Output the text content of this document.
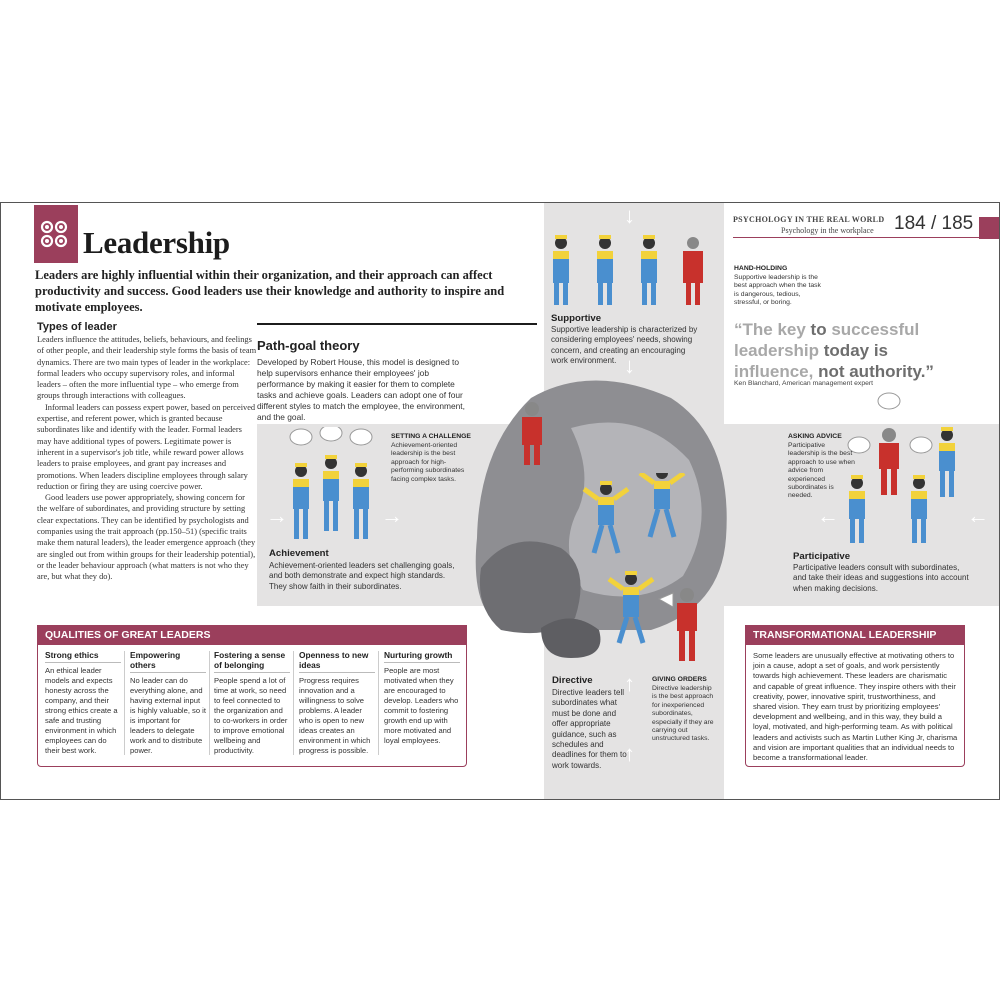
Leadership
Leaders are highly influential within their organization, and their approach can affect productivity and success. Good leaders use their knowledge and authority to inspire and motivate employees.
Types of leader

Leaders influence the attitudes, beliefs, behaviours, and feelings of other people, and their leadership style forms the basis of team dynamics. There are two main types of leader in the workplace: formal leaders who occupy supervisory roles, and informal leaders – often the more influential type – who emerge from groups through interactions with colleagues.

Informal leaders can possess expert power, based on perceived expertise, and referent power, which is granted because subordinates like and identify with the leader. Formal leaders may have additional types of powers. Legitimate power is inherent in a supervisor's job title, while reward power allows leaders to praise employees, and grant pay increases and promotions. When leaders discipline employees through salary reduction or firing they are using coercive power.

Good leaders use power appropriately, showing concern for the welfare of subordinates, and providing structure by setting clear expectations. They can be identified by psychologists and companies using the trait approach (pp.150–51) (specific traits make them natural leaders), the leader emergence approach (they are singled out from within groups for their leadership potential), or the leader behaviour approach (what matters is not who they are, but what they do).

Path-goal theory
Developed by Robert House, this model is designed to help supervisors enhance their employees' job performance by making it easier for them to complete tasks and achieve goals. Leaders can adopt one of four different styles to match the employee, the environment, and the goal.
PSYCHOLOGY IN THE REAL WORLD
Psychology in the workplace 184 / 185
“The key to successful leadership today is influence, not authority.”
Ken Blanchard, American management expert
↓
↓
↑
↑
→	→	←	←
HAND-HOLDING
Supportive leadership is the best approach when the task is dangerous, tedious, stressful, or boring.
Supportive
Supportive leadership is characterized by considering employees' needs, showing concern, and creating an encouraging work environment.
SETTING A CHALLENGE
Achievement-oriented leadership is the best approach for high-performing subordinates facing complex tasks.
Achievement
Achievement-oriented leaders set challenging goals, and both demonstrate and expect high standards. They show faith in their subordinates.
ASKING ADVICE
Participative leadership is the best approach to use when advice from experienced subordinates is needed.
Participative
Participative leaders consult with subordinates, and take their ideas and suggestions into account when making decisions.
Directive
Directive leaders tell subordinates what must be done and offer appropriate guidance, such as schedules and deadlines for them to work towards.
GIVING ORDERS
Directive leadership is the best approach for inexperienced subordinates, especially if they are carrying out unstructured tasks.
QUALITIES OF GREAT LEADERS
Strong ethics
An ethical leader models and expects honesty across the company, and their strong ethics create a safe and trusting environment in which employees can do their best work.
Empowering others
No leader can do everything alone, and having external input is highly valuable, so it is important for leaders to delegate work and to distribute power.
Fostering a sense of belonging
People spend a lot of time at work, so need to feel connected to the organization and to co-workers in order to improve emotional wellbeing and productivity.
Openness to new ideas
Progress requires innovation and a willingness to solve problems. A leader who is open to new ideas creates an environment in which progress is possible.
Nurturing growth
People are most motivated when they are encouraged to develop. Leaders who commit to fostering growth end up with more motivated and loyal employees.
TRANSFORMATIONAL LEADERSHIP
Some leaders are unusually effective at motivating others to join a cause, adopt a set of goals, and work persistently towards high achievement. These leaders are charismatic and capable of great influence. They inspire others with their creativity, power, innovative spirit, trustworthiness, and shared vision. They earn trust by prioritizing employees' development and wellbeing, and in this way, they build a loyal, motivated, and high-performing team. As with political leaders and activists such as Martin Luther King Jr, charisma and vision are important qualities that an individual needs to become a transformational leader.
